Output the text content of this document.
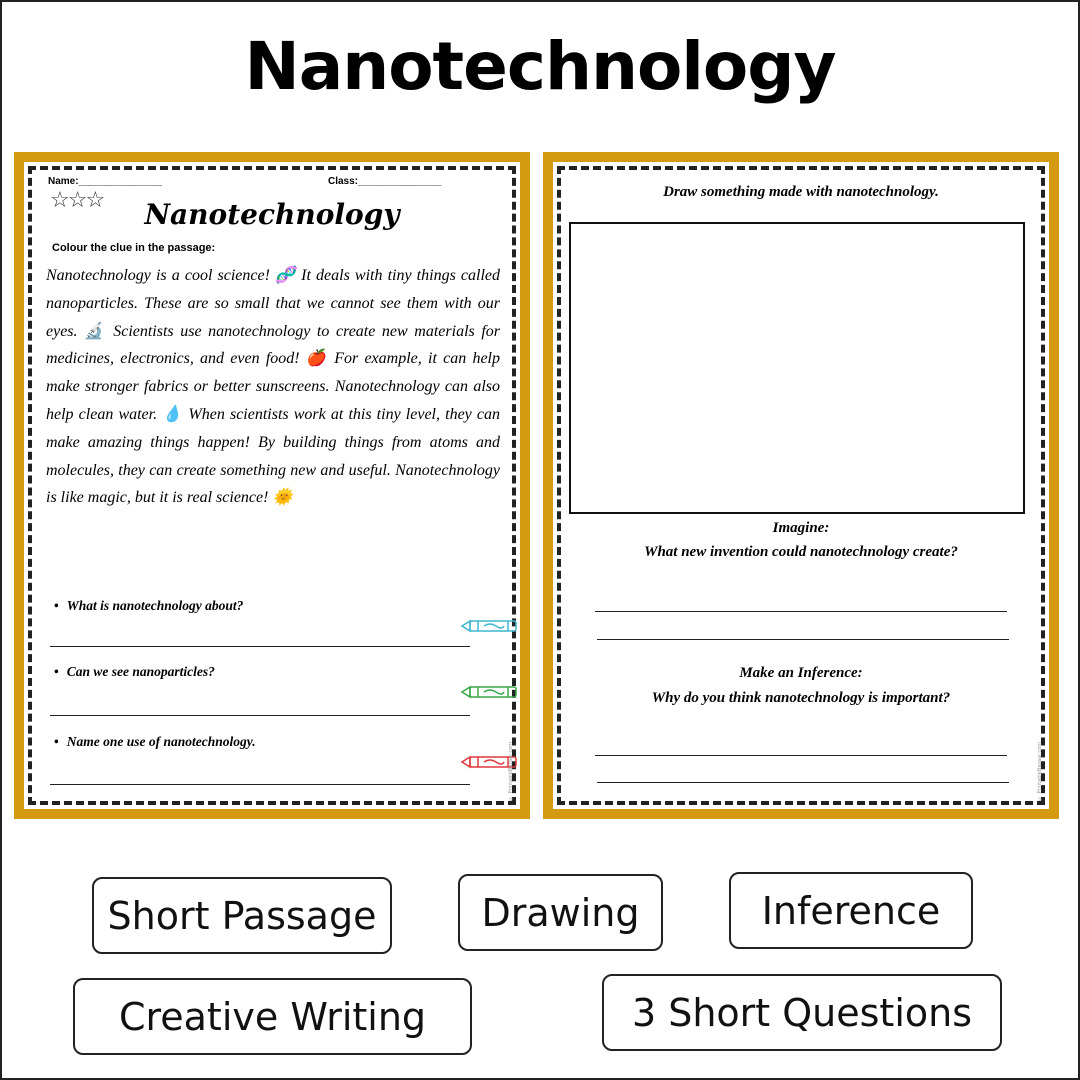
Nanotechnology
Name:_______________	Class:_______________
☆☆☆	Nanotechnology
Colour the clue in the passage:
Nanotechnology is a cool science! 🧬 It deals with tiny things called nanoparticles. These are so small that we cannot see them with our eyes. 🔬 Scientists use nanotechnology to create new materials for medicines, electronics, and even food! 🍎 For example, it can help make stronger fabrics or better sunscreens. Nanotechnology can also help clean water. 💧 When scientists work at this tiny level, they can make amazing things happen! By building things from atoms and molecules, they can create something new and useful. Nanotechnology is like magic, but it is real science! 🌞
• What is nanotechnology about?
• Can we see nanoparticles?
• Name one use of nanotechnology.
© PrintableBazaar.com
Draw something made with nanotechnology.
Imagine:
What new invention could nanotechnology create?
Make an Inference:
Why do you think nanotechnology is important?
© PrintableBazaar.com
Short Passage	Drawing	Inference
Creative Writing	3 Short Questions
